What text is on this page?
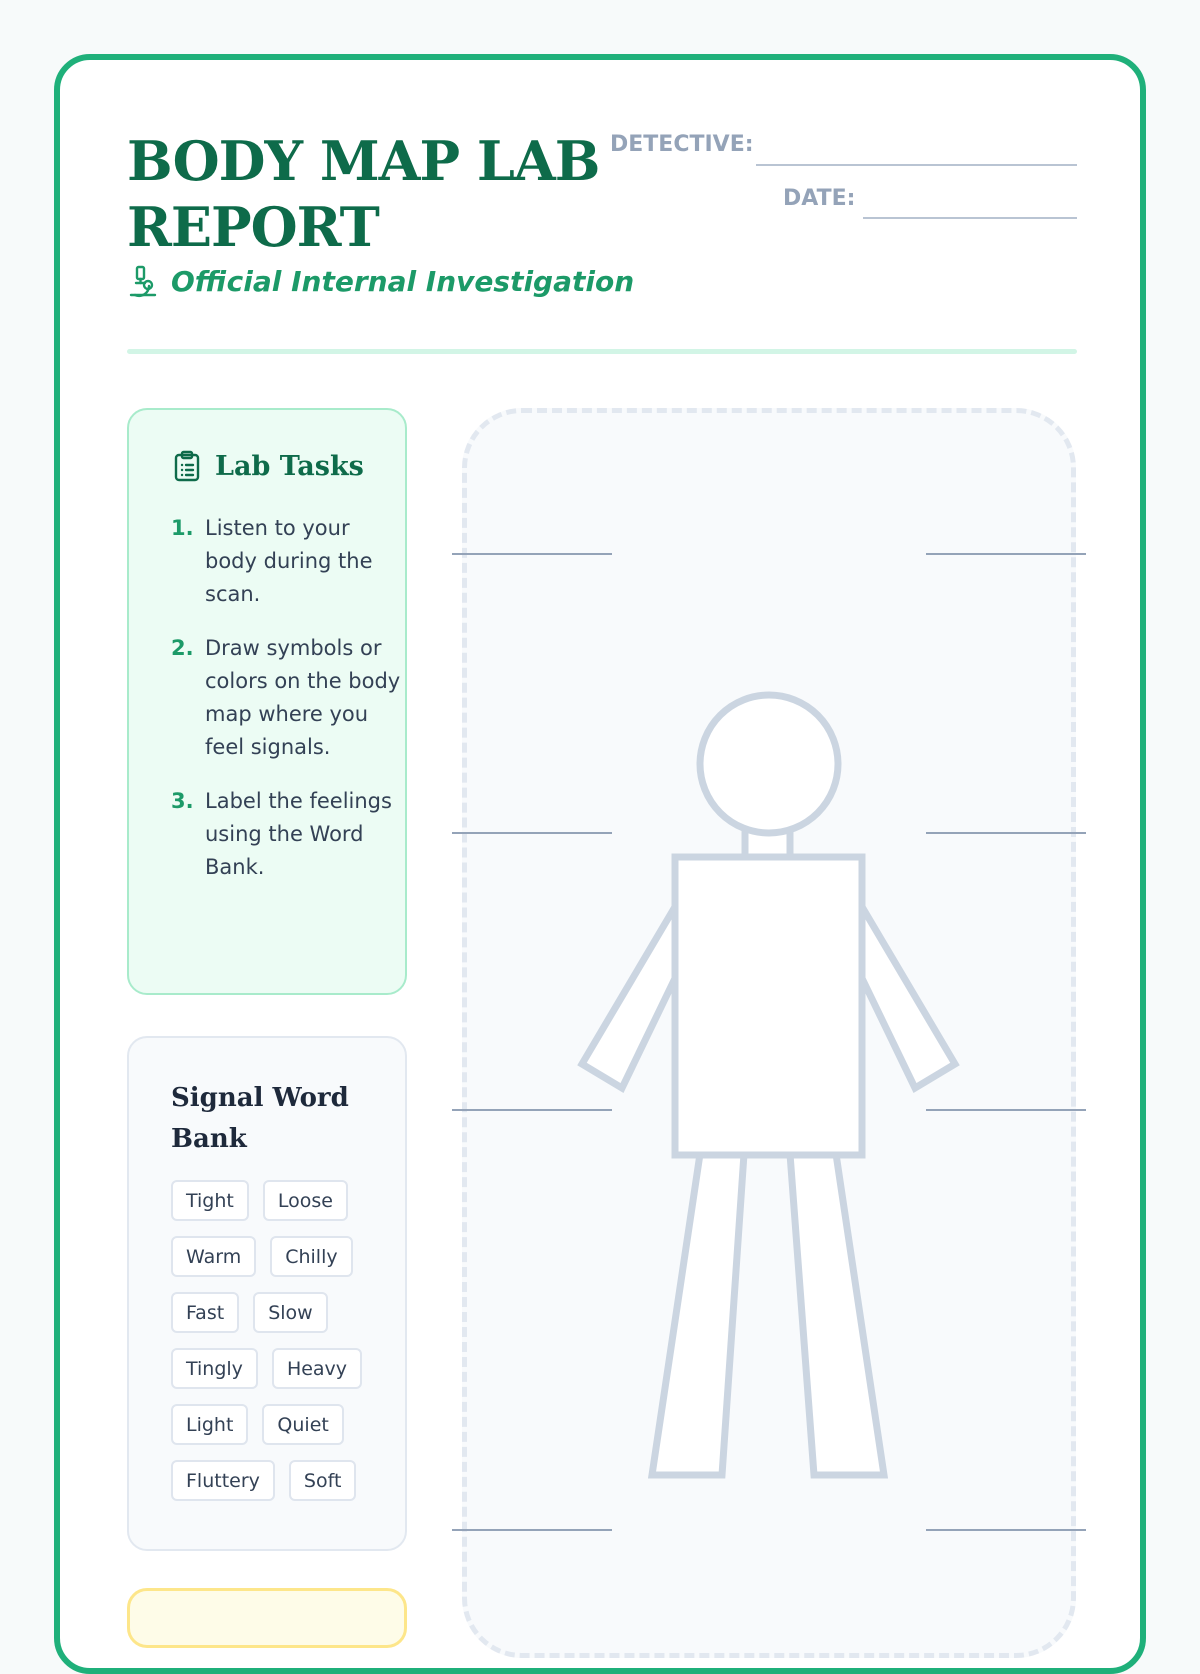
BODY MAP LAB
REPORT
Official Internal Investigation
DETECTIVE:
DATE:
Lab Tasks
1. Listen to your body during the scan.
2. Draw symbols or colors on the body map where you feel signals.
3. Label the feelings using the Word Bank.
Signal Word Bank
Tight	Loose
Warm	Chilly
Fast	Slow
Tingly	Heavy
Light	Quiet
Fluttery	Soft
